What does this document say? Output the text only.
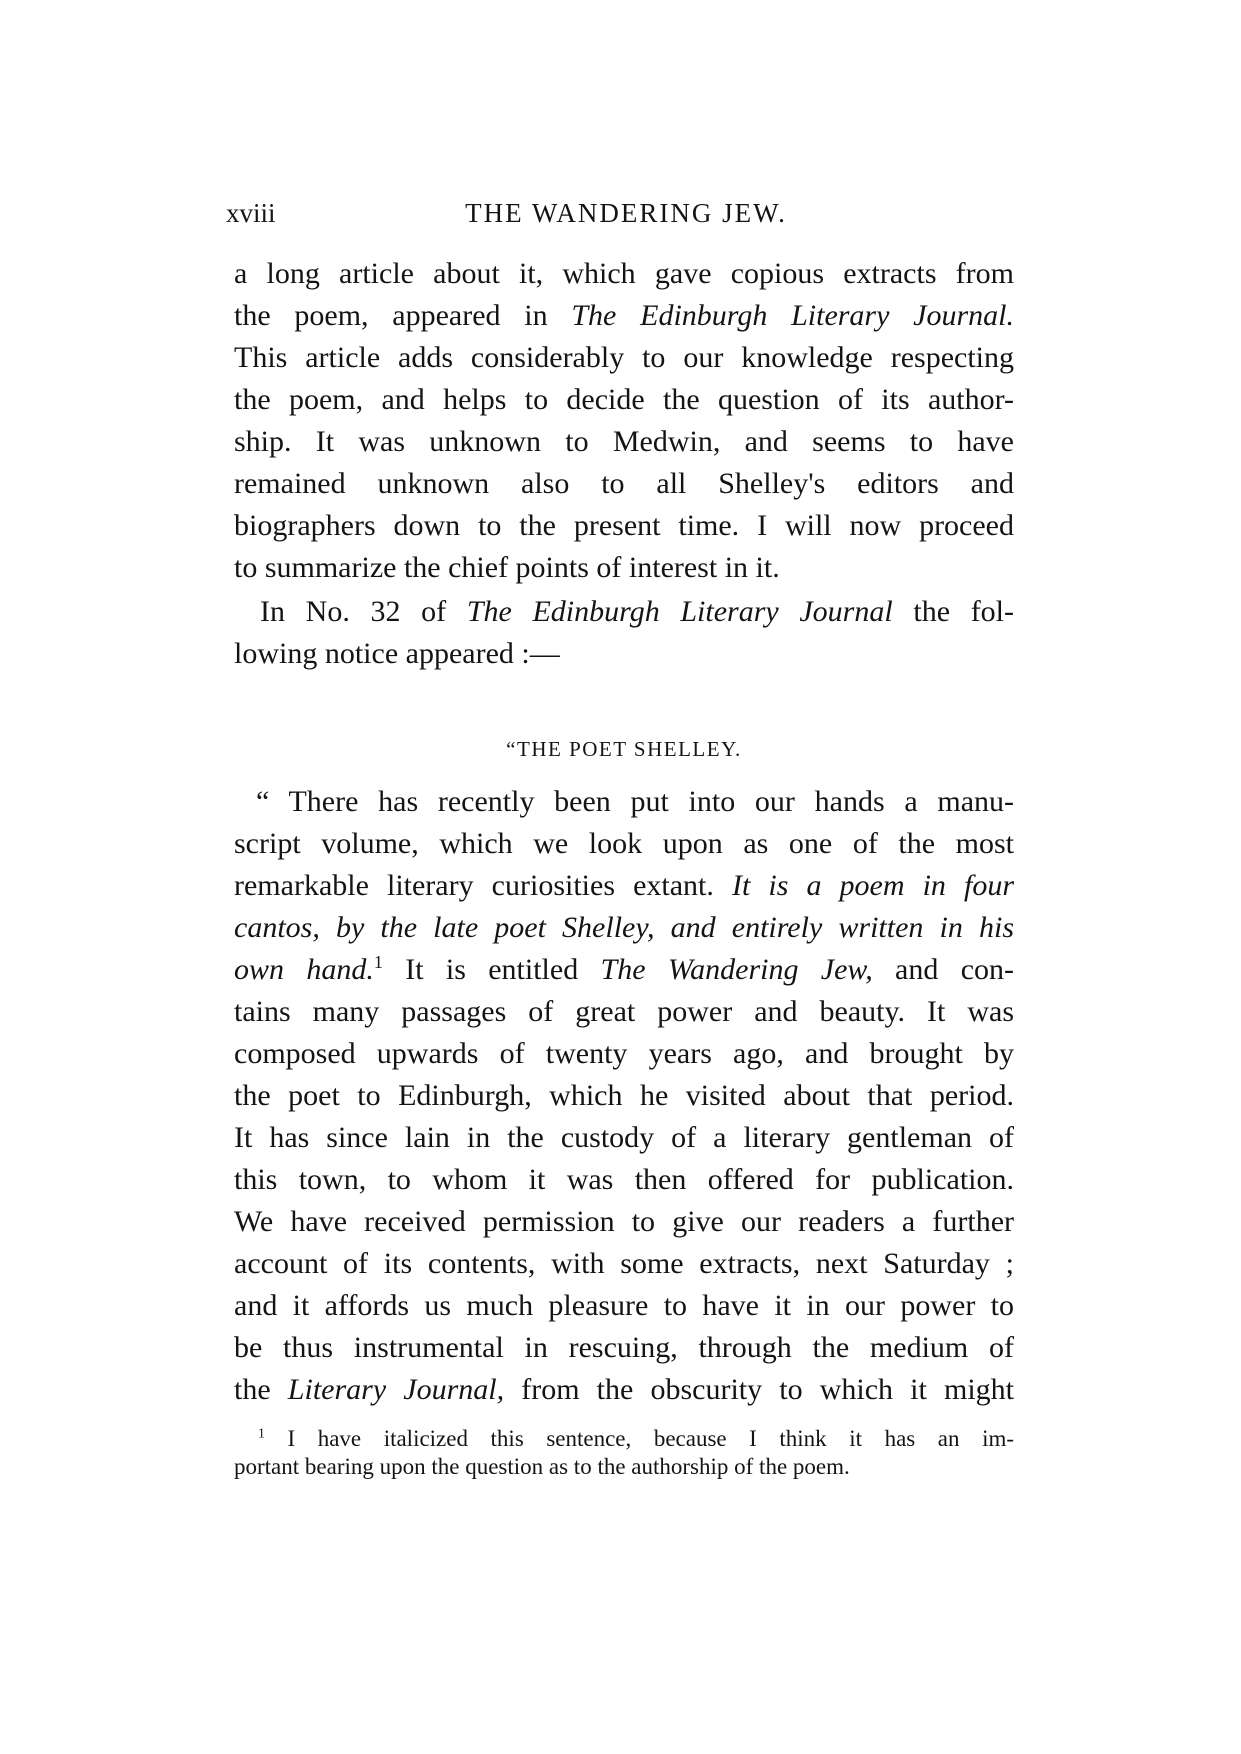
xviii	THE WANDERING JEW.
a long article about it, which gave copious extracts from
the poem, appeared in The Edinburgh Literary Journal.
This article adds considerably to our knowledge respecting
the poem, and helps to decide the question of its author-
ship. It was unknown to Medwin, and seems to have
remained unknown also to all Shelley's editors and
biographers down to the present time. I will now proceed
to summarize the chief points of interest in it.
In No. 32 of The Edinburgh Literary Journal the fol-
lowing notice appeared :—
“THE POET SHELLEY.
“ There has recently been put into our hands a manu-
script volume, which we look upon as one of the most
remarkable literary curiosities extant. It is a poem in four
cantos, by the late poet Shelley, and entirely written in his
own hand.$^1$ It is entitled The Wandering Jew, and con-
tains many passages of great power and beauty. It was
composed upwards of twenty years ago, and brought by
the poet to Edinburgh, which he visited about that period.
It has since lain in the custody of a literary gentleman of
this town, to whom it was then offered for publication.
We have received permission to give our readers a further
account of its contents, with some extracts, next Saturday ;
and it affords us much pleasure to have it in our power to
be thus instrumental in rescuing, through the medium of
the Literary Journal, from the obscurity to which it might
$^1$ I have italicized this sentence, because I think it has an im-
portant bearing upon the question as to the authorship of the poem.
